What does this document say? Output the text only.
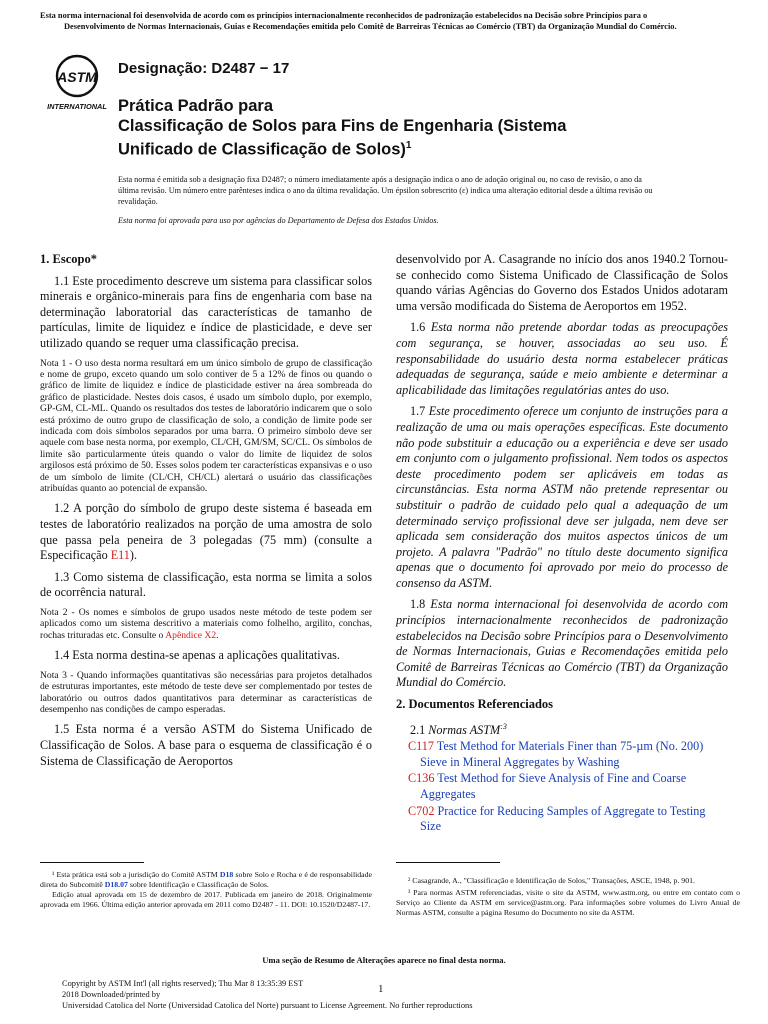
Esta norma internacional foi desenvolvida de acordo com os princípios internacionalmente reconhecidos de padronização estabelecidos na Decisão sobre Princípios para o
Desenvolvimento de Normas Internacionais, Guias e Recomendações emitida pelo Comitê de Barreiras Técnicas ao Comércio (TBT) da Organização Mundial do Comércio.
ASTM
INTERNATIONAL
Designação: D2487 − 17
Prática Padrão para
Classificação de Solos para Fins de Engenharia (Sistema
Unificado de Classificação de Solos)$^1$
Esta norma é emitida sob a designação fixa D2487; o número imediatamente após a designação indica o ano de adoção original ou, no caso de revisão, o ano da última revisão. Um número entre parênteses indica o ano da última revalidação. Um épsilon sobrescrito (ε) indica uma alteração editorial desde a última revisão ou revalidação.
Esta norma foi aprovada para uso por agências do Departamento de Defesa dos Estados Unidos.
1. Escopo*

1.1 Este procedimento descreve um sistema para classificar solos minerais e orgânico-minerais para fins de engenharia com base na determinação laboratorial das características de tamanho de partículas, limite de liquidez e índice de plasticidade, e deve ser utilizado quando se requer uma classificação precisa.

Nota 1 - O uso desta norma resultará em um único símbolo de grupo de classificação e nome de grupo, exceto quando um solo contiver de 5 a 12% de finos ou quando o gráfico de limite de liquidez e índice de plasticidade estiver na área sombreada do gráfico de plasticidade. Nestes dois casos, é usado um símbolo duplo, por exemplo, GP-GM, CL-ML. Quando os resultados dos testes de laboratório indicarem que o solo está próximo de outro grupo de classificação de solo, a condição de limite pode ser indicada com dois símbolos separados por uma barra. O primeiro símbolo deve ser aquele com base nesta norma, por exemplo, CL/CH, GM/SM, SC/CL. Os símbolos de limite são particularmente úteis quando o valor do limite de liquidez de solos argilosos está próximo de 50. Esses solos podem ter características expansivas e o uso de um símbolo de limite (CL/CH, CH/CL) alertará o usuário das classificações atribuídas quanto ao potencial de expansão.

1.2 A porção do símbolo de grupo deste sistema é baseada em testes de laboratório realizados na porção de uma amostra de solo que passa pela peneira de 3 polegadas (75 mm) (consulte a Especificação E11).

1.3 Como sistema de classificação, esta norma se limita a solos de ocorrência natural.

Nota 2 - Os nomes e símbolos de grupo usados neste método de teste podem ser aplicados como um sistema descritivo a materiais como folhelho, argilito, conchas, rochas trituradas etc. Consulte o Apêndice X2.

1.4 Esta norma destina-se apenas a aplicações qualitativas.

Nota 3 - Quando informações quantitativas são necessárias para projetos detalhados de estruturas importantes, este método de teste deve ser complementado por testes de laboratório ou outros dados quantitativos para determinar as características de desempenho nas condições de campo esperadas.

1.5 Esta norma é a versão ASTM do Sistema Unificado de Classificação de Solos. A base para o esquema de classificação é o Sistema de Classificação de Aeroportos

desenvolvido por A. Casagrande no início dos anos 1940.2 Tornou-se conhecido como Sistema Unificado de Classificação de Solos quando várias Agências do Governo dos Estados Unidos adotaram uma versão modificada do Sistema de Aeroportos em 1952.

1.6 Esta norma não pretende abordar todas as preocupações com segurança, se houver, associadas ao seu uso. É responsabilidade do usuário desta norma estabelecer práticas adequadas de segurança, saúde e meio ambiente e determinar a aplicabilidade das limitações regulatórias antes do uso.

1.7 Este procedimento oferece um conjunto de instruções para a realização de uma ou mais operações específicas. Este documento não pode substituir a educação ou a experiência e deve ser usado em conjunto com o julgamento profissional. Nem todos os aspectos deste procedimento podem ser aplicáveis em todas as circunstâncias. Esta norma ASTM não pretende representar ou substituir o padrão de cuidado pelo qual a adequação de um determinado serviço profissional deve ser julgada, nem deve ser aplicada sem consideração dos muitos aspectos únicos de um projeto. A palavra "Padrão" no título deste documento significa apenas que o documento foi aprovado por meio do processo de consenso da ASTM.

1.8 Esta norma internacional foi desenvolvida de acordo com princípios internacionalmente reconhecidos de padronização estabelecidos na Decisão sobre Princípios para o Desenvolvimento de Normas Internacionais, Guias e Recomendações emitida pelo Comitê de Barreiras Técnicas ao Comércio (TBT) da Organização Mundial do Comércio.

2. Documentos Referenciados

2.1 Normas $ASTM^{:3}$

C117 Test Method for Materials Finer than 75-µm (No. 200) Sieve in Mineral Aggregates by Washing
C136 Test Method for Sieve Analysis of Fine and Coarse Aggregates
C702 Practice for Reducing Samples of Aggregate to Testing Size

¹ Esta prática está sob a jurisdição do Comitê ASTM D18 sobre Solo e Rocha e é de responsabilidade direta do Subcomitê D18.07 sobre Identificação e Classificação de Solos.

Edição atual aprovada em 15 de dezembro de 2017. Publicada em janeiro de 2018. Originalmente aprovada em 1966. Última edição anterior aprovada em 2011 como D2487 - 11. DOI: 10.1520/D2487-17.

² Casagrande, A., "Classificação e Identificação de Solos," Transações, ASCE, 1948, p. 901.

³ Para normas ASTM referenciadas, visite o site da ASTM, www.astm.org, ou entre em contato com o Serviço ao Cliente da ASTM em service@astm.org. Para informações sobre volumes do Livro Anual de Normas ASTM, consulte a página Resumo do Documento no site da ASTM.

Uma seção de Resumo de Alterações aparece no final desta norma.
Copyright by ASTM Int'l (all rights reserved); Thu Mar 8 13:35:39 EST
2018 Downloaded/printed by
Universidad Catolica del Norte (Universidad Catolica del Norte) pursuant to License Agreement. No further reproductions
1
